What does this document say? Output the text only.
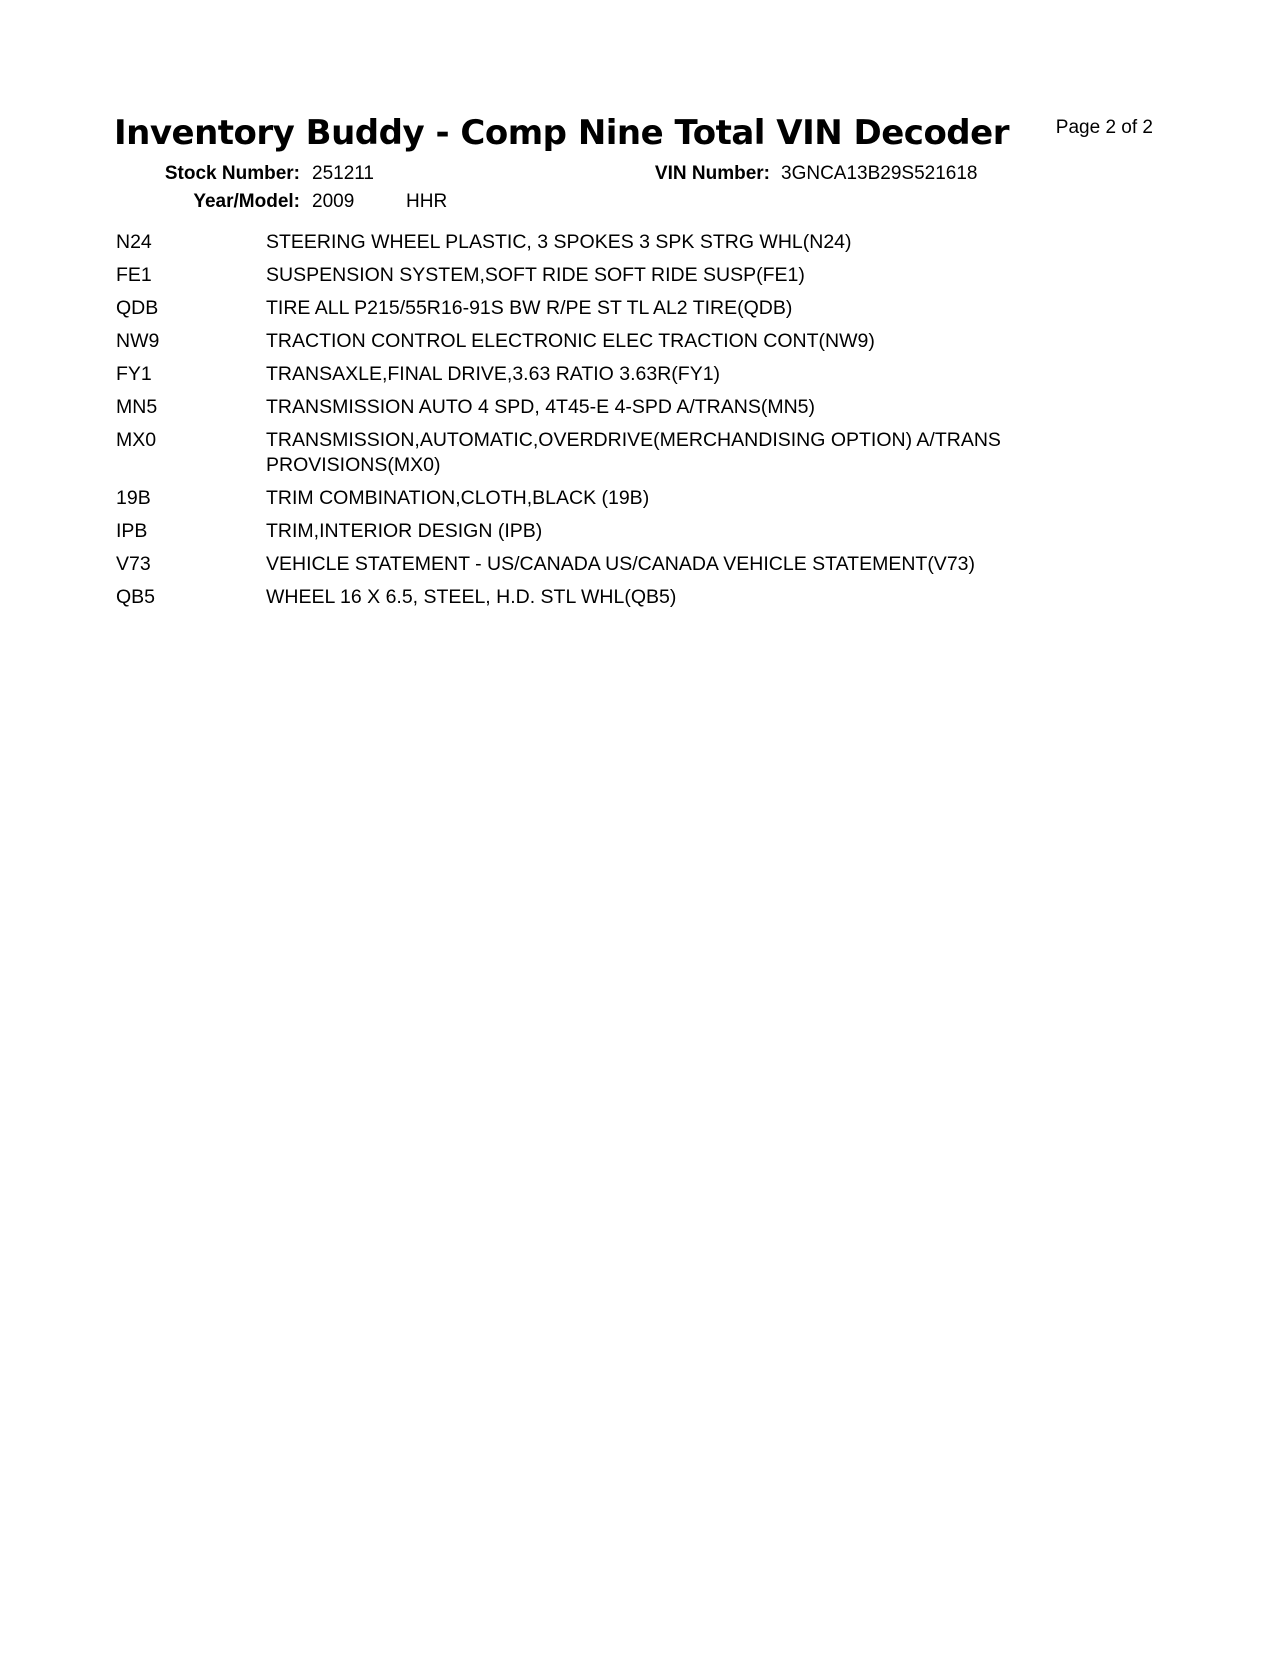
Inventory Buddy - Comp Nine Total VIN Decoder Page 2 of 2
Stock Number: 251211
Year/Model: 2009	HHR
VIN Number: 3GNCA13B29S521618
N24	STEERING WHEEL PLASTIC, 3 SPOKES 3 SPK STRG WHL(N24)
FE1	SUSPENSION SYSTEM,SOFT RIDE SOFT RIDE SUSP(FE1)
QDB	TIRE ALL P215/55R16-91S BW R/PE ST TL AL2 TIRE(QDB)
NW9	TRACTION CONTROL ELECTRONIC ELEC TRACTION CONT(NW9)
FY1	TRANSAXLE,FINAL DRIVE,3.63 RATIO 3.63R(FY1)
MN5	TRANSMISSION AUTO 4 SPD, 4T45-E 4-SPD A/TRANS(MN5)
MX0	TRANSMISSION,AUTOMATIC,OVERDRIVE(MERCHANDISING OPTION) A/TRANS PROVISIONS(MX0)
19B	TRIM COMBINATION,CLOTH,BLACK (19B)
IPB	TRIM,INTERIOR DESIGN (IPB)
V73	VEHICLE STATEMENT - US/CANADA US/CANADA VEHICLE STATEMENT(V73)
QB5	WHEEL 16 X 6.5, STEEL, H.D. STL WHL(QB5)
